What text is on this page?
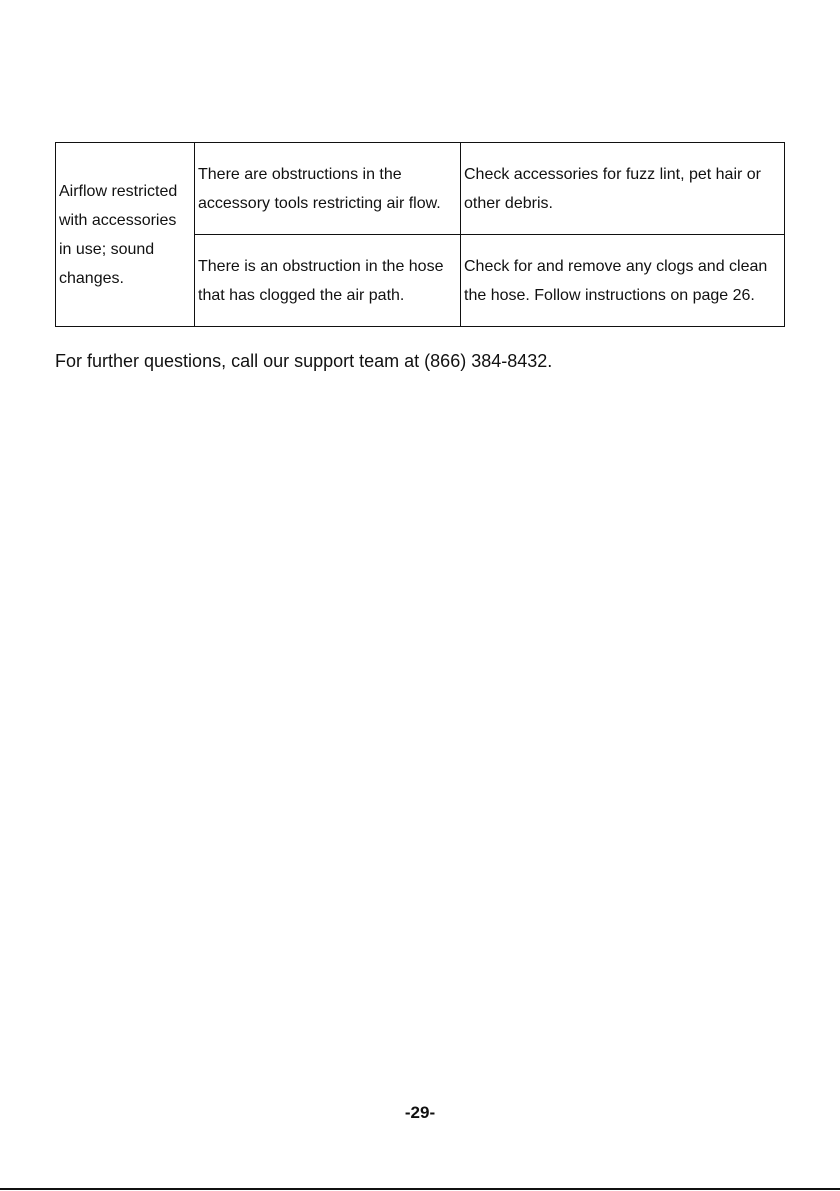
Airflow restricted with accessories in use; sound changes.	There are obstructions in the accessory tools restricting air flow.	Check accessories for fuzz lint, pet hair or other debris.

	There is an obstruction in the hose that has clogged the air path.	Check for and remove any clogs and clean the hose. Follow instructions on page 26.
For further questions, call our support team at (866) 384-8432.
-29-
